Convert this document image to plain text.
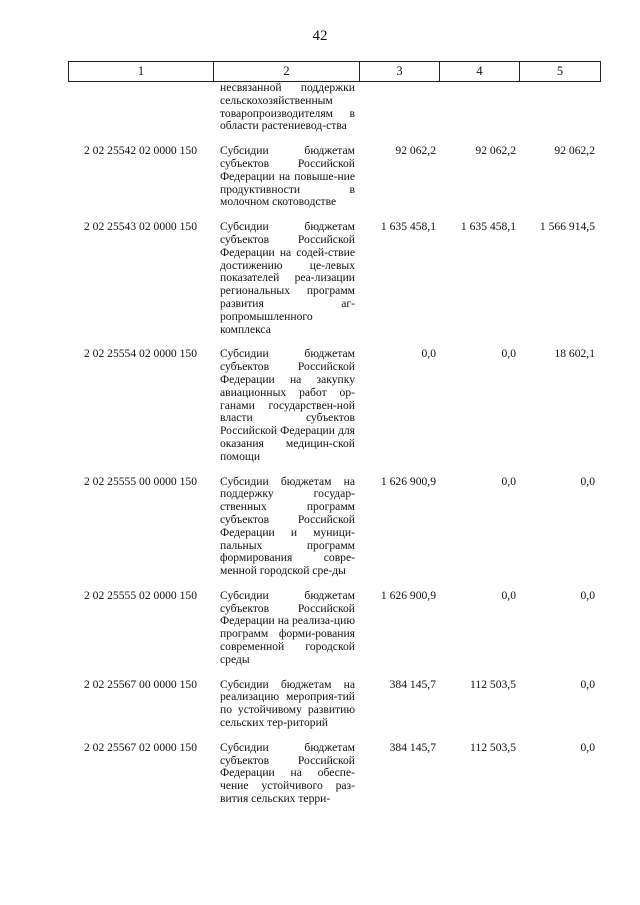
42
1	2	3	4	5

	несвязанной поддержки сельскохозяйственным товаропроизводителям в области растениевод-ства			

2 02 25542 02 0000 150	Субсидии бюджетам субъектов Российской Федерации на повыше-ние продуктивности в молочном скотоводстве	92 062,2	92 062,2	92 062,2
2 02 25543 02 0000 150	Субсидии бюджетам субъектов Российской Федерации на содей-ствие достижению це-левых показателей реа-лизации региональных программ развития аг-ропромышленного комплекса	1 635 458,1	1 635 458,1	1 566 914,5
2 02 25554 02 0000 150	Субсидии бюджетам субъектов Российской Федерации на закупку авиационных работ ор-ганами государствен-ной власти субъектов Российской Федерации для оказания медицин-ской помощи	0,0	0,0	18 602,1
2 02 25555 00 0000 150	Субсидии бюджетам на поддержку государ-ственных программ субъектов Российской Федерации и муници-пальных программ формирования совре-менной городской сре-ды	1 626 900,9	0,0	0,0
2 02 25555 02 0000 150	Субсидии бюджетам субъектов Российской Федерации на реализа-цию программ форми-рования современной городской среды	1 626 900,9	0,0	0,0
2 02 25567 00 0000 150	Субсидии бюджетам на реализацию мероприя-тий по устойчивому развитию сельских тер-риторий	384 145,7	112 503,5	0,0
2 02 25567 02 0000 150	Субсидии бюджетам субъектов Российской Федерации на обеспе-чение устойчивого раз-вития сельских терри-	384 145,7	112 503,5	0,0
